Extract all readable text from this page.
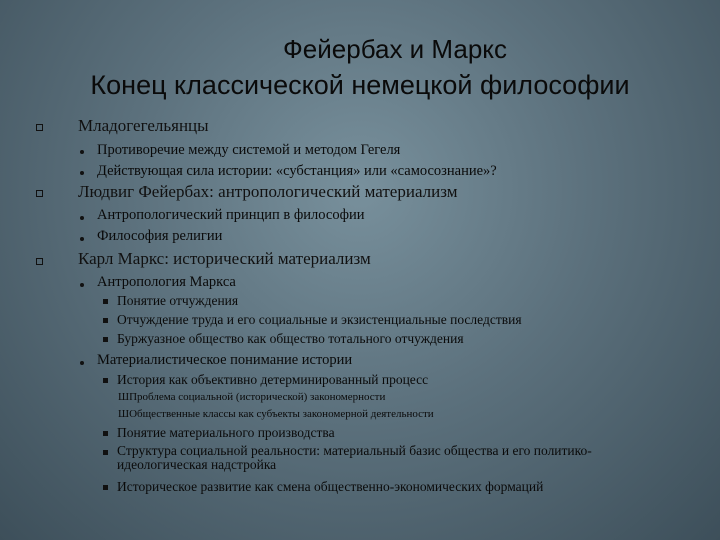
Фейербах и Маркс
Конец классической немецкой философии
Младогегельянцы
Противоречие между системой и методом Гегеля
Действующая сила истории: «субстанция» или «самосознание»?
Людвиг Фейербах: антропологический материализм
Антропологический принцип в философии
Философия религии
Карл Маркс: исторический материализм
Антропология Маркса
Понятие отчуждения
Отчуждение труда и его социальные и экзистенциальные последствия
Буржуазное общество как общество тотального отчуждения
Материалистическое понимание истории
История как объективно детерминированный процесс
ШПроблема социальной (исторической) закономерности
ШОбщественные классы как субъекты закономерной деятельности
Понятие материального производства
Структура социальной реальности: материальный базис общества и его политико-идеологическая надстройка
Историческое развитие как смена общественно-экономических формаций
